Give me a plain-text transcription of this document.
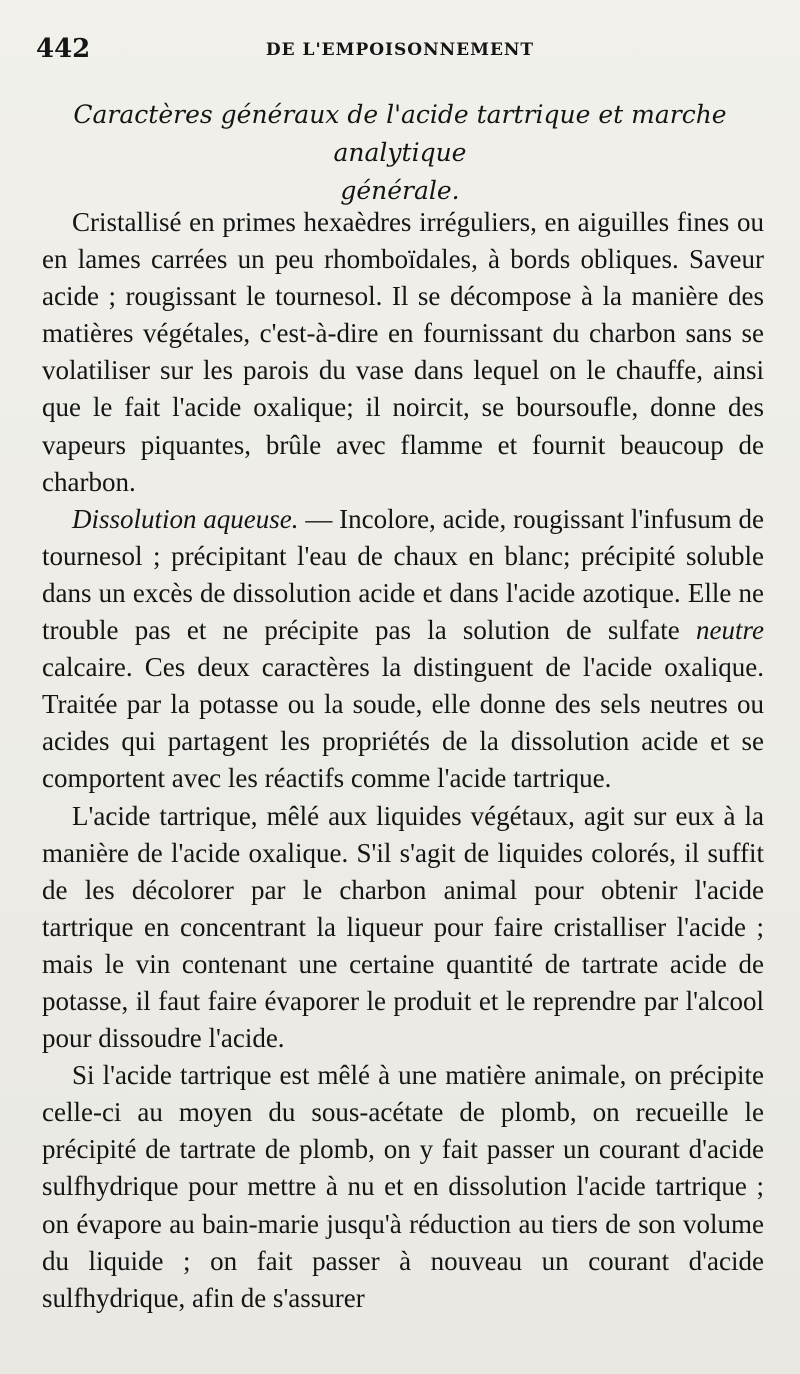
442	DE L'EMPOISONNEMENT
Caractères généraux de l'acide tartrique et marche analytique
générale.

Cristallisé en primes hexaèdres irréguliers, en aiguilles fines ou en lames carrées un peu rhomboïdales, à bords obliques. Saveur acide ; rougissant le tournesol. Il se décompose à la manière des matières végétales, c'est-à-dire en fournissant du charbon sans se volatiliser sur les parois du vase dans lequel on le chauffe, ainsi que le fait l'acide oxalique; il noircit, se boursoufle, donne des vapeurs piquantes, brûle avec flamme et fournit beaucoup de charbon.

Dissolution aqueuse. — Incolore, acide, rougissant l'infusum de tournesol ; précipitant l'eau de chaux en blanc; précipité soluble dans un excès de dissolution acide et dans l'acide azotique. Elle ne trouble pas et ne précipite pas la solution de sulfate neutre calcaire. Ces deux caractères la distinguent de l'acide oxalique. Traitée par la potasse ou la soude, elle donne des sels neutres ou acides qui partagent les propriétés de la dissolution acide et se comportent avec les réactifs comme l'acide tartrique.

L'acide tartrique, mêlé aux liquides végétaux, agit sur eux à la manière de l'acide oxalique. S'il s'agit de liquides colorés, il suffit de les décolorer par le charbon animal pour obtenir l'acide tartrique en concentrant la liqueur pour faire cristalliser l'acide ; mais le vin contenant une certaine quantité de tartrate acide de potasse, il faut faire évaporer le produit et le reprendre par l'alcool pour dissoudre l'acide.

Si l'acide tartrique est mêlé à une matière animale, on précipite celle-ci au moyen du sous-acétate de plomb, on recueille le précipité de tartrate de plomb, on y fait passer un courant d'acide sulfhydrique pour mettre à nu et en dissolution l'acide tartrique ; on évapore au bain-marie jusqu'à réduction au tiers de son volume du liquide ; on fait passer à nouveau un courant d'acide sulfhydrique, afin de s'assurer
